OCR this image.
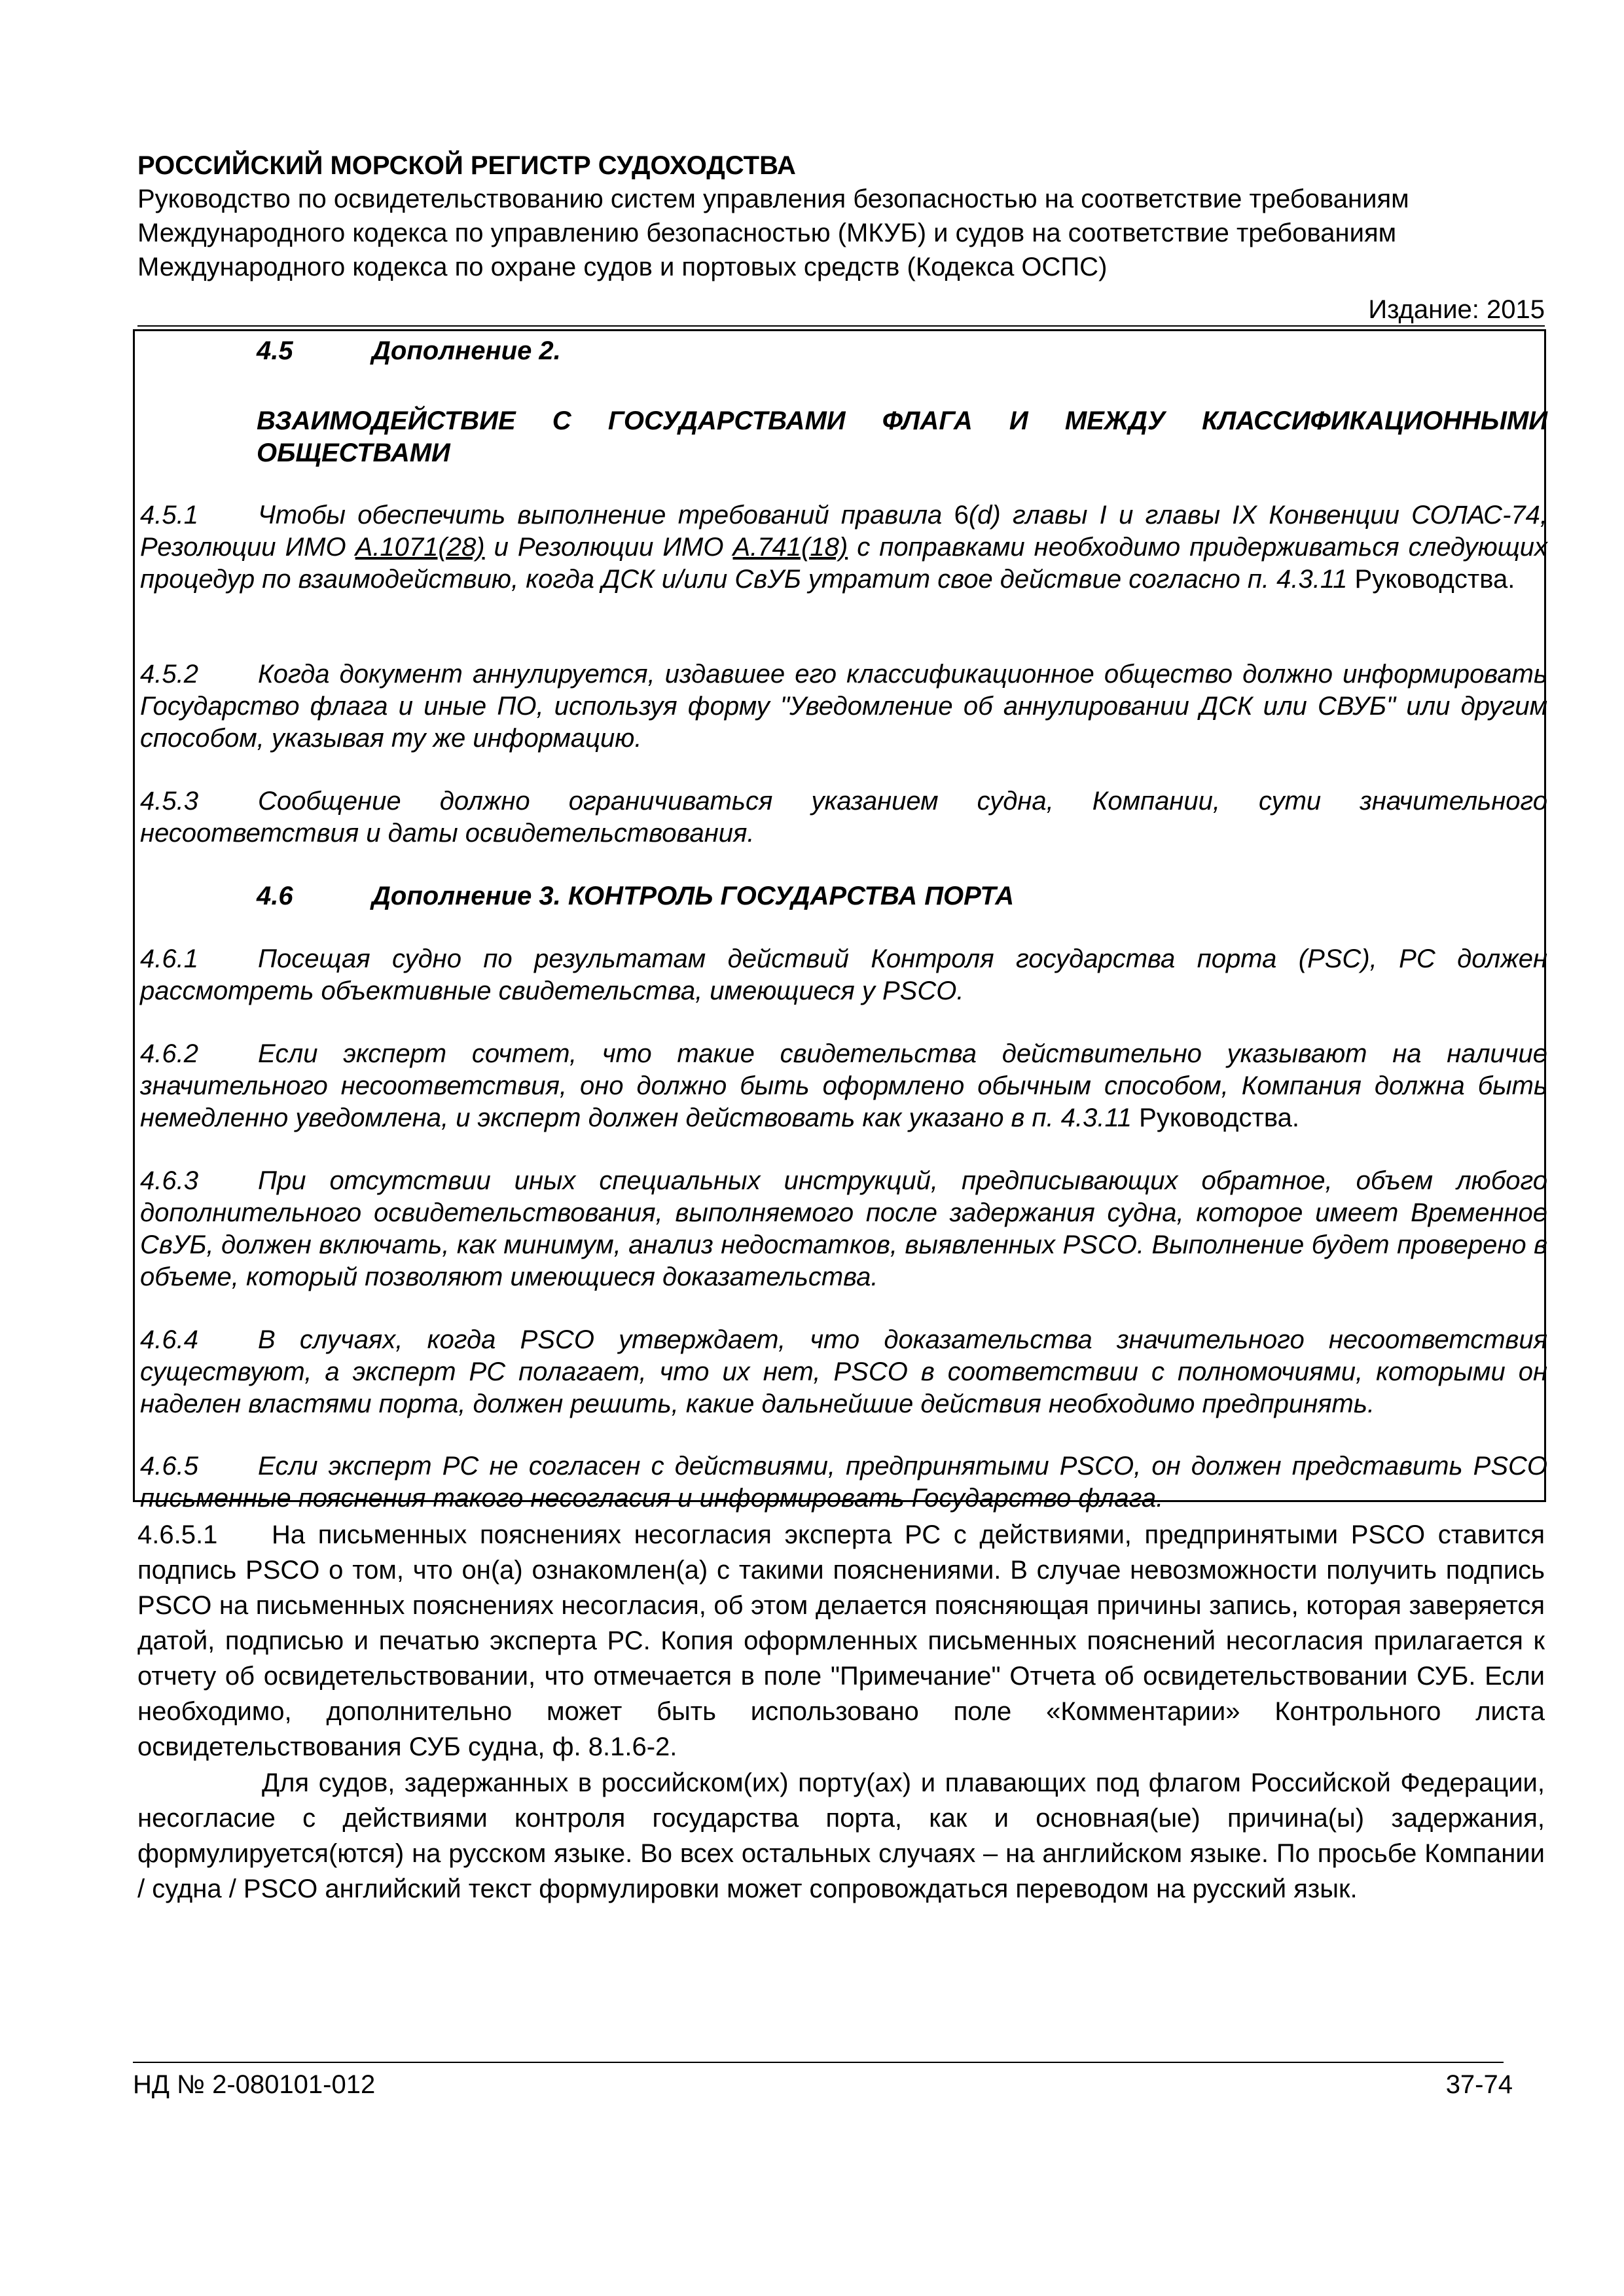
РОССИЙСКИЙ МОРСКОЙ РЕГИСТР СУДОХОДСТВА
Руководство по освидетельствованию систем управления безопасностью на соответствие требованиям
Международного кодекса по управлению безопасностью (МКУБ) и судов на соответствие требованиям
Международного кодекса по охране судов и портовых средств (Кодекса ОСПС)
Издание: 2015
4.5	Дополнение 2.
ВЗАИМОДЕЙСТВИЕ С ГОСУДАРСТВАМИ ФЛАГА И МЕЖДУ КЛАССИФИКАЦИОННЫМИ
ОБЩЕСТВАМИ
4.5.1 Чтобы обеспечить выполнение требований правила 6(d) главы I и главы IX Конвенции СОЛАС-74, Резолюции ИМО A.1071(28) и Резолюции ИМО A.741(18) с поправками необходимо придерживаться следующих процедур по взаимодействию, когда ДСК и/или СвУБ утратит свое действие согласно п. 4.3.11 Руководства.
4.5.2 Когда документ аннулируется, издавшее его классификационное общество должно информировать Государство флага и иные ПО, используя форму "Уведомление об аннулировании ДСК или СВУБ" или другим способом, указывая ту же информацию.
4.5.3 Сообщение должно ограничиваться указанием судна, Компании, сути значительного несоответствия и даты освидетельствования.
4.6	Дополнение 3. КОНТРОЛЬ ГОСУДАРСТВА ПОРТА
4.6.1 Посещая судно по результатам действий Контроля государства порта (PSC), РС должен рассмотреть объективные свидетельства, имеющиеся у PSCO.
4.6.2 Если эксперт сочтет, что такие свидетельства действительно указывают на наличие значительного несоответствия, оно должно быть оформлено обычным способом, Компания должна быть немедленно уведомлена, и эксперт должен действовать как указано в п. 4.3.11 Руководства.
4.6.3 При отсутствии иных специальных инструкций, предписывающих обратное, объем любого дополнительного освидетельствования, выполняемого после задержания судна, которое имеет Временное СвУБ, должен включать, как минимум, анализ недостатков, выявленных PSCO. Выполнение будет проверено в объеме, который позволяют имеющиеся доказательства.
4.6.4 В случаях, когда PSCO утверждает, что доказательства значительного несоответствия существуют, а эксперт РС полагает, что их нет, PSCO в соответствии с полномочиями, которыми он наделен властями порта, должен решить, какие дальнейшие действия необходимо предпринять.
4.6.5 Если эксперт РС не согласен с действиями, предпринятыми PSCO, он должен представить PSCO письменные пояснения такого несогласия и информировать Государство флага.
4.6.5.1 На письменных пояснениях несогласия эксперта РС с действиями, предпринятыми PSCO ставится подпись PSCO о том, что он(а) ознакомлен(а) с такими пояснениями. В случае невозможности получить подпись PSCO на письменных пояснениях несогласия, об этом делается поясняющая причины запись, которая заверяется датой, подписью и печатью эксперта РС. Копия оформленных письменных пояснений несогласия прилагается к отчету об освидетельствовании, что отмечается в поле "Примечание" Отчета об освидетельствовании СУБ. Если необходимо, дополнительно может быть использовано поле «Комментарии» Контрольного листа освидетельствования СУБ судна, ф. 8.1.6-2.
Для судов, задержанных в российском(их) порту(ах) и плавающих под флагом Российской Федерации, несогласие с действиями контроля государства порта, как и основная(ые) причина(ы) задержания, формулируется(ются) на русском языке. Во всех остальных случаях – на английском языке. По просьбе Компании / судна / PSCO английский текст формулировки может сопровождаться переводом на русский язык.
НД № 2-080101-012	37-74
